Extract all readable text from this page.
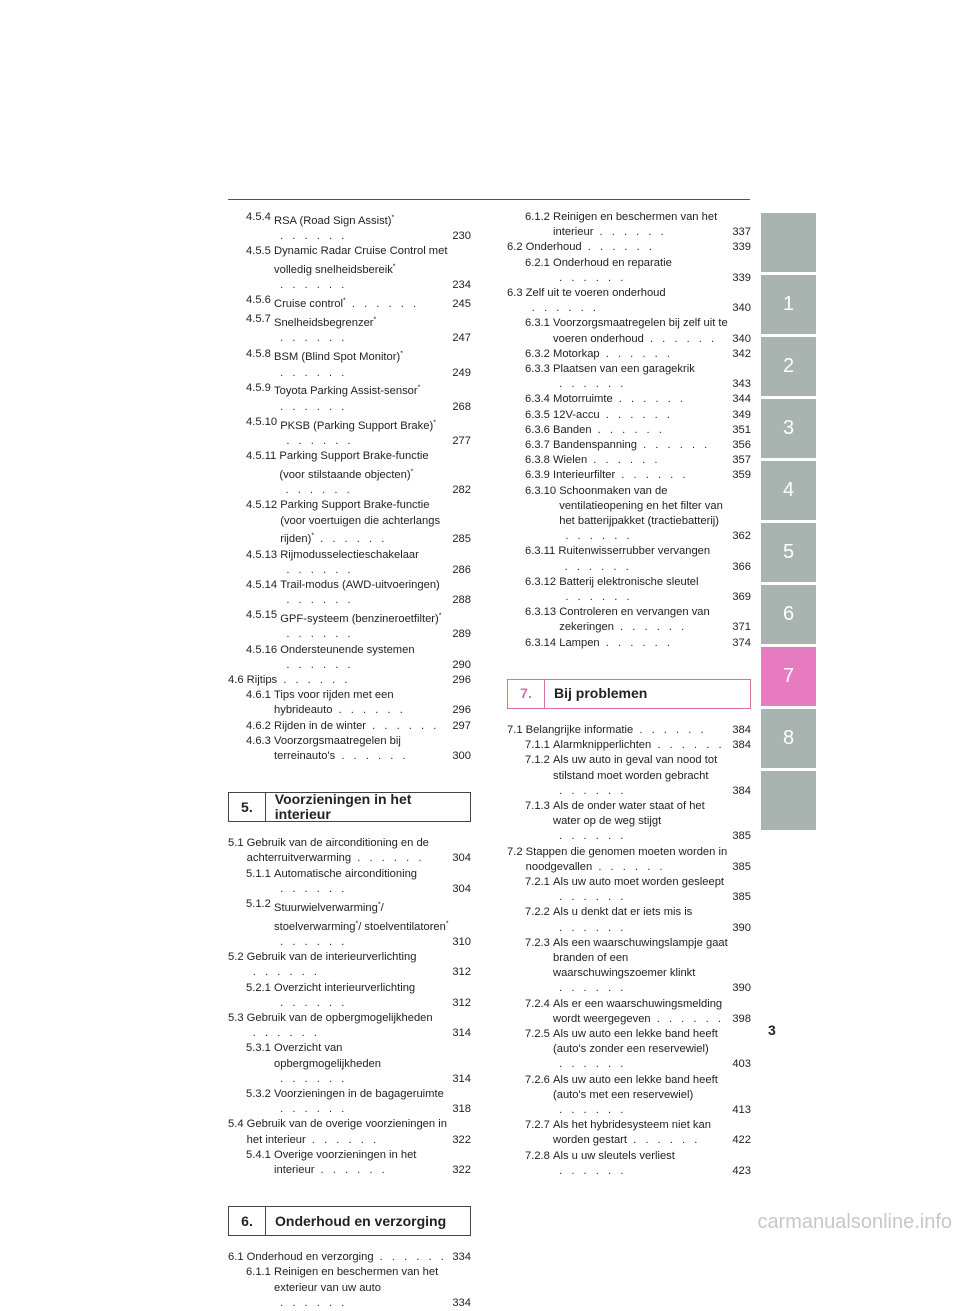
4.5.4 RSA (Road Sign Assist)* . . . . . .	230
4.5.5 Dynamic Radar Cruise Control met volledig snelheidsbereik* . . . . . .	234
4.5.6 Cruise control* . . . . . .	245
4.5.7 Snelheidsbegrenzer* . . . . . .	247
4.5.8 BSM (Blind Spot Monitor)* . . . . . .	249
4.5.9 Toyota Parking Assist-sensor* . . . . . .	268
4.5.10 PKSB (Parking Support Brake)* . . . . . .	277
4.5.11 Parking Support Brake-functie (voor stilstaande objecten)* . . . . . .	282
4.5.12 Parking Support Brake-functie (voor voertuigen die achterlangs rijden)* . . . . . .	285
4.5.13 Rijmodusselectieschakelaar . . . . . .	286
4.5.14 Trail-modus (AWD-uitvoeringen) . . . . . .	288
4.5.15 GPF-systeem (benzineroetfilter)* . . . . . .	289
4.5.16 Ondersteunende systemen . . . . . .	290
4.6 Rijtips . . . . . .	296
4.6.1 Tips voor rijden met een hybrideauto . . . . . .	296
4.6.2 Rijden in de winter . . . . . .	297
4.6.3 Voorzorgsmaatregelen bij terreinauto's . . . . . .	300
5.	Voorzieningen in het interieur
5.1 Gebruik van de airconditioning en de achterruitverwarming . . . . . .	304
5.1.1 Automatische airconditioning . . . . . .	304
5.1.2 Stuurwielverwarming*/ stoelverwarming*/ stoelventilatoren* . . . . . .	310
5.2 Gebruik van de interieurverlichting . . . . . .	312
5.2.1 Overzicht interieurverlichting . . . . . .	312
5.3 Gebruik van de opbergmogelijkheden . . . . . .	314
5.3.1 Overzicht van opbergmogelijkheden . . . . . .	314
5.3.2 Voorzieningen in de bagageruimte . . . . . .	318
5.4 Gebruik van de overige voorzieningen in het interieur . . . . . .	322
5.4.1 Overige voorzieningen in het interieur . . . . . .	322
6.	Onderhoud en verzorging
6.1 Onderhoud en verzorging . . . . . . 334
6.1.1 Reinigen en beschermen van het exterieur van uw auto . . . . . .	334
6.1.2 Reinigen en beschermen van het interieur . . . . . .	337
6.2 Onderhoud . . . . . .	339
6.2.1 Onderhoud en reparatie . . . . . .	339
6.3 Zelf uit te voeren onderhoud . . . . . .	340
6.3.1 Voorzorgsmaatregelen bij zelf uit te voeren onderhoud . . . . . .	340
6.3.2 Motorkap . . . . . .	342
6.3.3 Plaatsen van een garagekrik . . . . . .	343
6.3.4 Motorruimte . . . . . .	344
6.3.5 12V-accu . . . . . .	349
6.3.6 Banden . . . . . .	351
6.3.7 Bandenspanning . . . . . .	356
6.3.8 Wielen . . . . . .	357
6.3.9 Interieurfilter . . . . . .	359
6.3.10 Schoonmaken van de ventilatieopening en het filter van het batterijpakket (tractiebatterij) . . . . . .	362
6.3.11 Ruitenwisserrubber vervangen . . . . . .	366
6.3.12 Batterij elektronische sleutel . . . . . .	369
6.3.13 Controleren en vervangen van zekeringen . . . . . .	371
6.3.14 Lampen . . . . . .	374
7.	Bij problemen
7.1 Belangrijke informatie . . . . . .	384
7.1.1 Alarmknipperlichten . . . . . . 384
7.1.2 Als uw auto in geval van nood tot stilstand moet worden gebracht . . . . . .	384
7.1.3 Als de onder water staat of het water op de weg stijgt . . . . . .	385
7.2 Stappen die genomen moeten worden in noodgevallen . . . . . .	385
7.2.1 Als uw auto moet worden gesleept . . . . . .	385
7.2.2 Als u denkt dat er iets mis is . . . . . .	390
7.2.3 Als een waarschuwingslampje gaat branden of een waarschuwingszoemer klinkt . . . . . .	390
7.2.4 Als er een waarschuwingsmelding wordt weergegeven . . . . . . 398
7.2.5 Als uw auto een lekke band heeft (auto's zonder een reservewiel) . . . . . .	403
7.2.6 Als uw auto een lekke band heeft (auto's met een reservewiel) . . . . . .	413
7.2.7 Als het hybridesysteem niet kan worden gestart . . . . . .	422
7.2.8 Als u uw sleutels verliest . . . . . .	423
1
2
3
4
5
6
7
8
3
carmanualsonline.info
